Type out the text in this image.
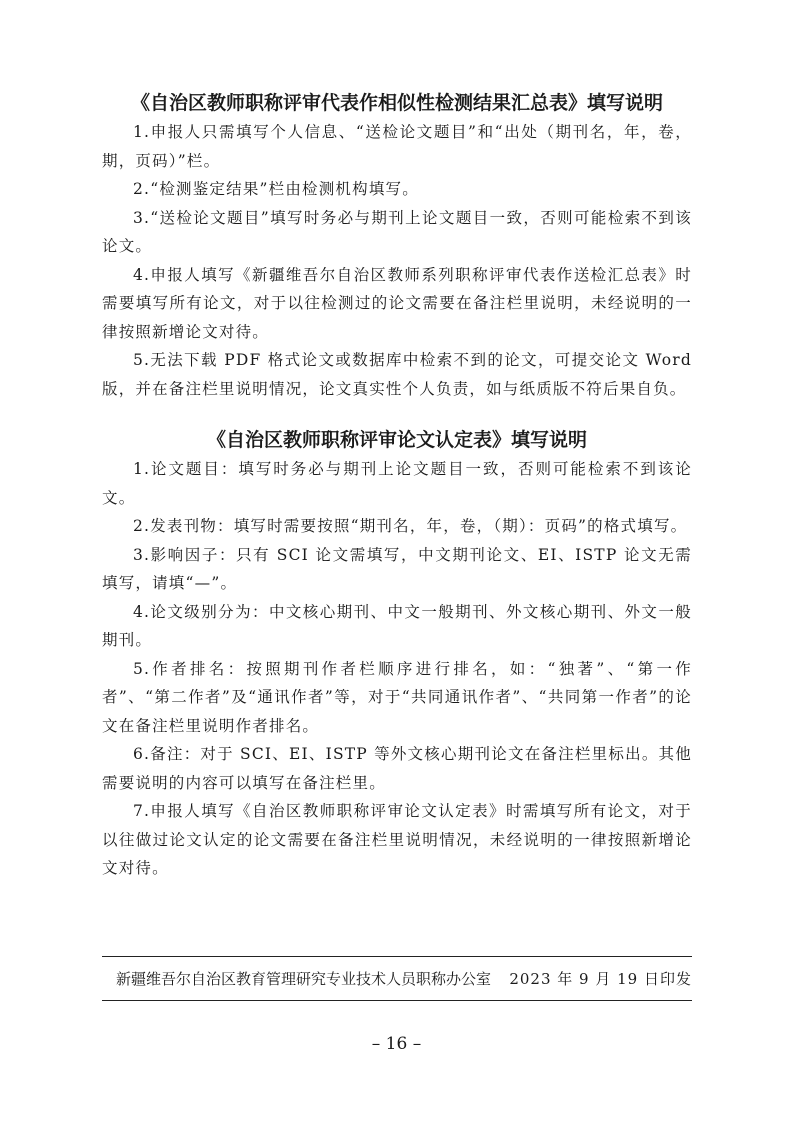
《自治区教师职称评审代表作相似性检测结果汇总表》填写说明

1.申报人只需填写个人信息、“送检论文题目”和“出处（期刊名，年，卷，期，页码）”栏。

2.“检测鉴定结果”栏由检测机构填写。

3.“送检论文题目”填写时务必与期刊上论文题目一致，否则可能检索不到该论文。

4.申报人填写《新疆维吾尔自治区教师系列职称评审代表作送检汇总表》时需要填写所有论文，对于以往检测过的论文需要在备注栏里说明，未经说明的一律按照新增论文对待。

5.无法下载 PDF 格式论文或数据库中检索不到的论文，可提交论文 Word 版，并在备注栏里说明情况，论文真实性个人负责，如与纸质版不符后果自负。

《自治区教师职称评审论文认定表》填写说明

1.论文题目：填写时务必与期刊上论文题目一致，否则可能检索不到该论文。

2.发表刊物：填写时需要按照“期刊名，年，卷，（期）：页码”的格式填写。

3.影响因子：只有 SCI 论文需填写，中文期刊论文、EI、ISTP 论文无需填写，请填“—”。

4.论文级别分为：中文核心期刊、中文一般期刊、外文核心期刊、外文一般期刊。

5.作者排名：按照期刊作者栏顺序进行排名，如：“独著”、“第一作者”、“第二作者”及“通讯作者”等，对于“共同通讯作者”、“共同第一作者”的论文在备注栏里说明作者排名。

6.备注：对于 SCI、EI、ISTP 等外文核心期刊论文在备注栏里标出。其他需要说明的内容可以填写在备注栏里。

7.申报人填写《自治区教师职称评审论文认定表》时需填写所有论文，对于以往做过论文认定的论文需要在备注栏里说明情况，未经说明的一律按照新增论文对待。

新疆维吾尔自治区教育管理研究专业技术人员职称办公室 2023 年 9 月 19 日印发
– 16 –
